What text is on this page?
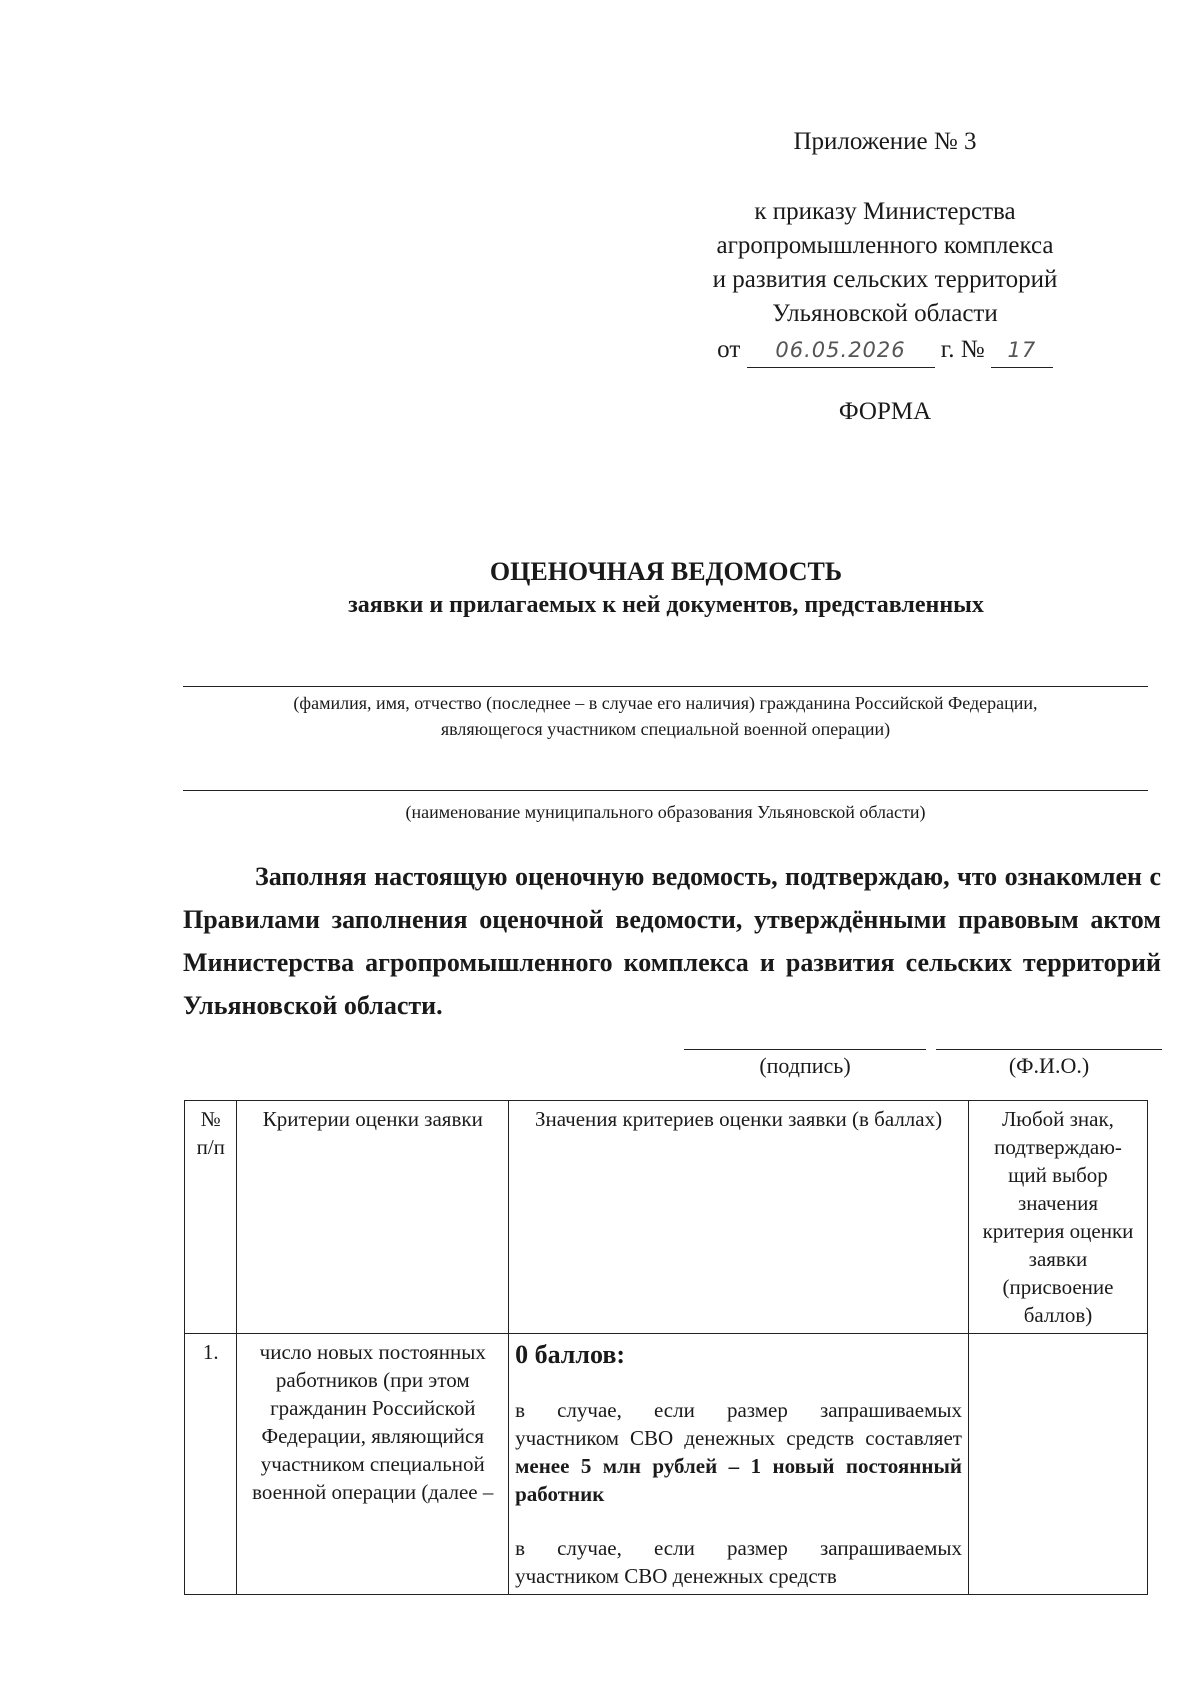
Приложение № 3
к приказу Министерства
агропромышленного комплекса
и развития сельских территорий
Ульяновской области
от 06.05.2026 г. № 17
ФОРМА
ОЦЕНОЧНАЯ ВЕДОМОСТЬ
заявки и прилагаемых к ней документов, представленных
(фамилия, имя, отчество (последнее – в случае его наличия) гражданина Российской Федерации,
являющегося участником специальной военной операции)
(наименование муниципального образования Ульяновской области)
Заполняя настоящую оценочную ведомость, подтверждаю, что ознакомлен с Правилами заполнения оценочной ведомости, утверждёнными правовым актом Министерства агропромышленного комплекса и развития сельских территорий Ульяновской области.
(подпись)	(Ф.И.О.)
№ п/п	Критерии оценки заявки	Значения критериев оценки заявки (в баллах)	Любой знак, подтверждаю-щий выбор значения критерия оценки заявки (присвоение баллов)
1.	число новых постоянных работников (при этом гражданин Российской Федерации, являющийся участником специальной военной операции (далее –	0 баллов:
в случае, если размер запрашиваемых участником СВО денежных средств составляет менее 5 млн рублей – 1 новый постоянный работник
в случае, если размер запрашиваемых участником СВО денежных средств	
